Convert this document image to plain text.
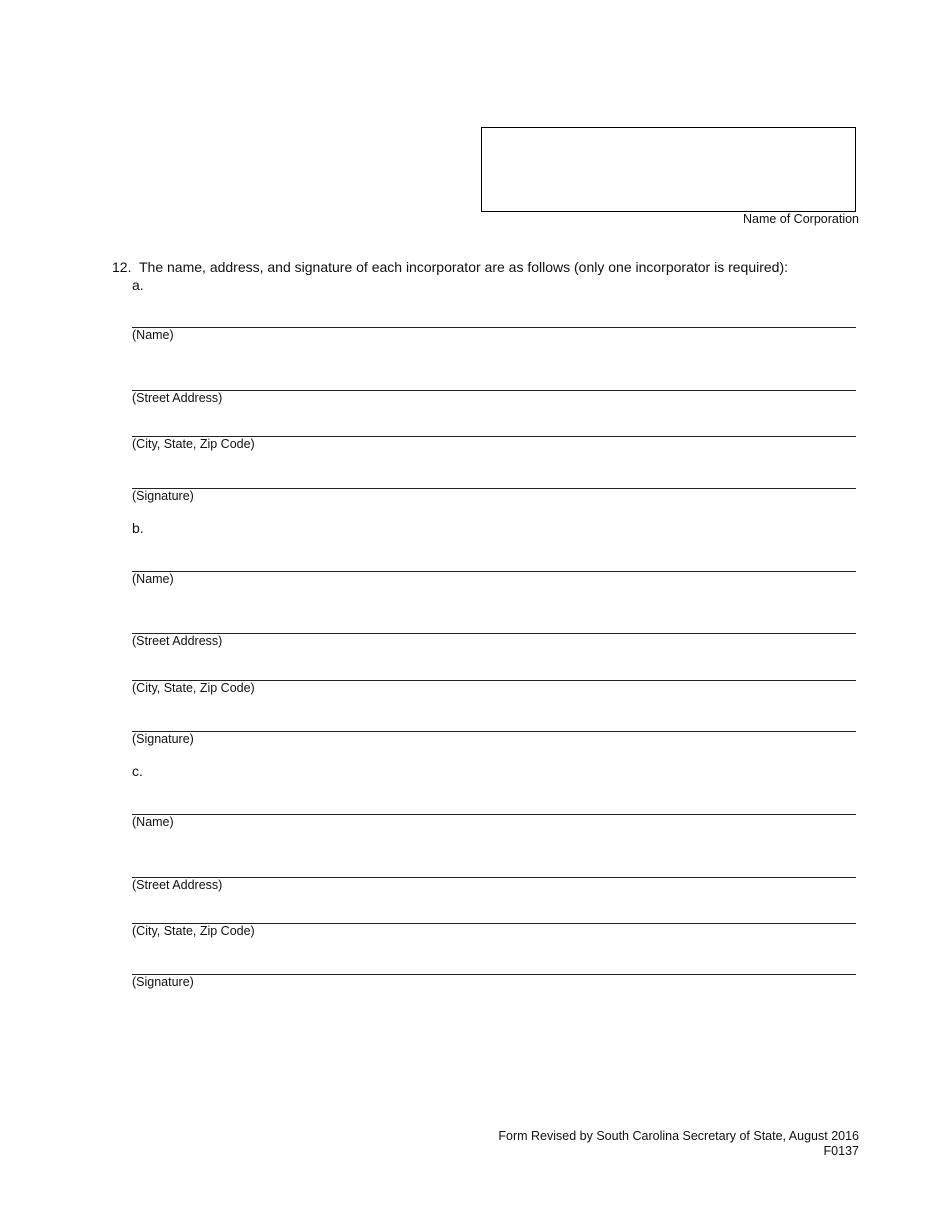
Name of Corporation
12. The name, address, and signature of each incorporator are as follows (only one incorporator is required):
a.
(Name)
(Street Address)
(City, State, Zip Code)
(Signature)
b.
(Name)
(Street Address)
(City, State, Zip Code)
(Signature)
c.
(Name)
(Street Address)
(City, State, Zip Code)
(Signature)
Form Revised by South Carolina Secretary of State, August 2016
F0137
